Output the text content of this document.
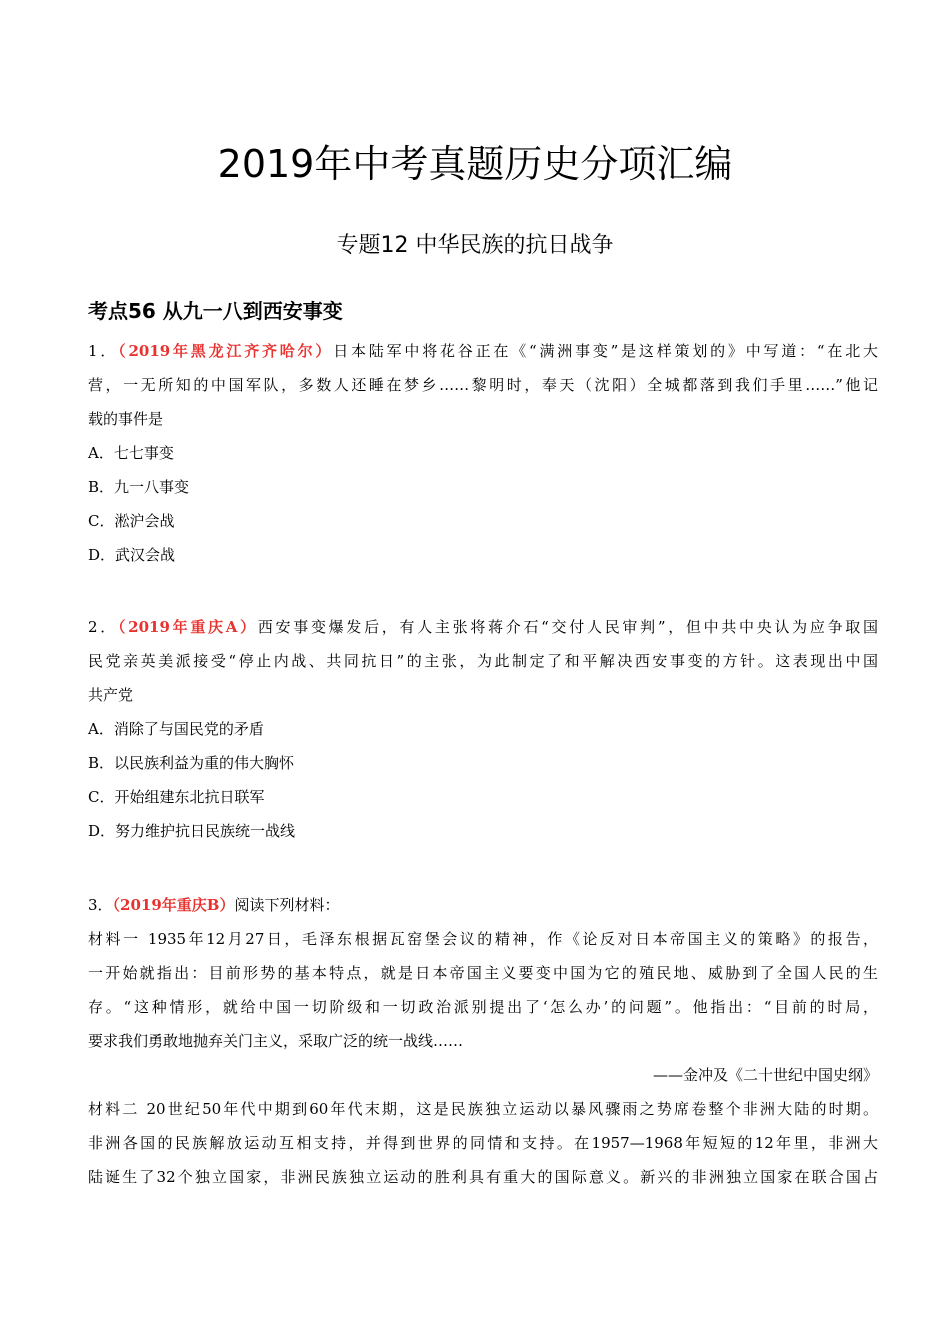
2019年中考真题历史分项汇编
专题12 中华民族的抗日战争
考点56 从九一八到西安事变
1．（2019年黑龙江齐齐哈尔）日本陆军中将花谷正在《“满洲事变”是这样策划的》中写道：“在北大
营，一无所知的中国军队，多数人还睡在梦乡……黎明时，奉天（沈阳）全城都落到我们手里……”他记
载的事件是
A．七七事变
B．九一八事变
C．淞沪会战
D．武汉会战
2．（2019年重庆A）西安事变爆发后，有人主张将蒋介石“交付人民审判”，但中共中央认为应争取国
民党亲英美派接受“停止内战、共同抗日”的主张，为此制定了和平解决西安事变的方针。这表现出中国
共产党
A．消除了与国民党的矛盾
B．以民族利益为重的伟大胸怀
C．开始组建东北抗日联军
D．努力维护抗日民族统一战线
3．（2019年重庆B）阅读下列材料：
材料一 1935年12月27日，毛泽东根据瓦窑堡会议的精神，作《论反对日本帝国主义的策略》的报告，
一开始就指出：目前形势的基本特点，就是日本帝国主义要变中国为它的殖民地、威胁到了全国人民的生
存。“这种情形，就给中国一切阶级和一切政治派别提出了‘怎么办’的问题”。他指出：“目前的时局，
要求我们勇敢地抛弃关门主义，采取广泛的统一战线……
——金冲及《二十世纪中国史纲》
材料二 20世纪50年代中期到60年代末期，这是民族独立运动以暴风骤雨之势席卷整个非洲大陆的时期。
非洲各国的民族解放运动互相支持，并得到世界的同情和支持。在1957—1968年短短的12年里，非洲大
陆诞生了32个独立国家，非洲民族独立运动的胜利具有重大的国际意义。新兴的非洲独立国家在联合国占
